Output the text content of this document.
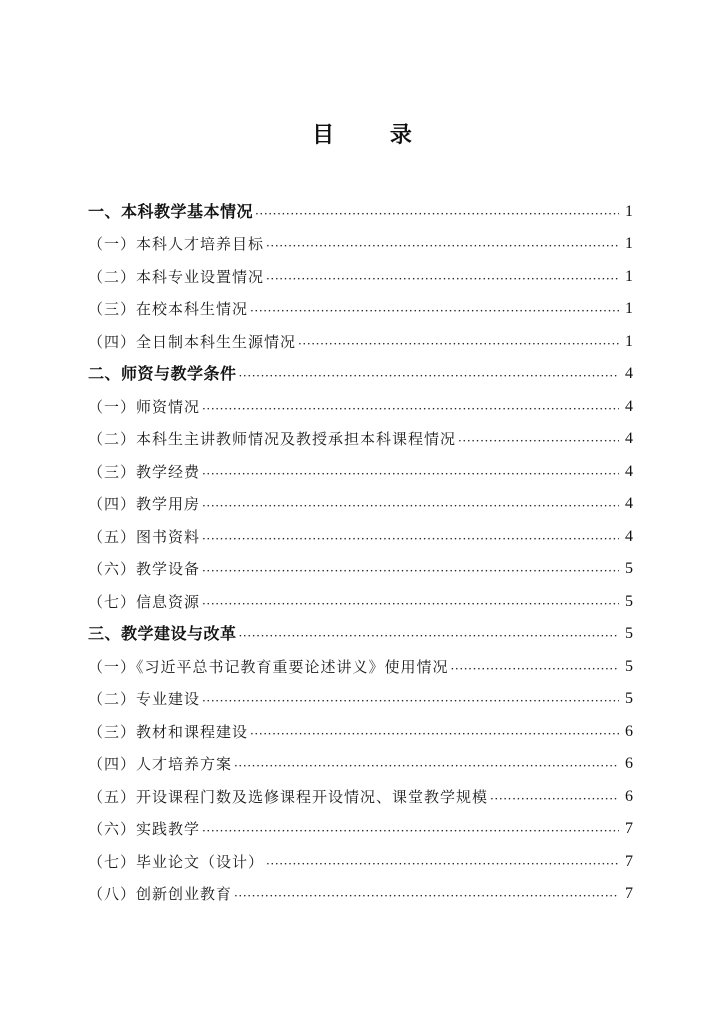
目 录
一、本科教学基本情况 ·····	1
（一）本科人才培养目标 ·····	1
（二）本科专业设置情况 ·····	1
（三）在校本科生情况 ·····	1
（四）全日制本科生生源情况 ·····	1
二、师资与教学条件 ·····	4
（一）师资情况 ·····	4
（二）本科生主讲教师情况及教授承担本科课程情况 ·····	4
（三）教学经费 ·····	4
（四）教学用房 ·····	4
（五）图书资料 ·····	4
（六）教学设备 ·····	5
（七）信息资源 ·····	5
三、教学建设与改革 ·····	5
（一）《习近平总书记教育重要论述讲义》使用情况 ·····	5
（二）专业建设 ·····	5
（三）教材和课程建设 ·····	6
（四）人才培养方案 ·····	6
（五）开设课程门数及选修课程开设情况、课堂教学规模 ·····	6
（六）实践教学 ·····	7
（七）毕业论文（设计） ·····	7
（八）创新创业教育 ·····	7
